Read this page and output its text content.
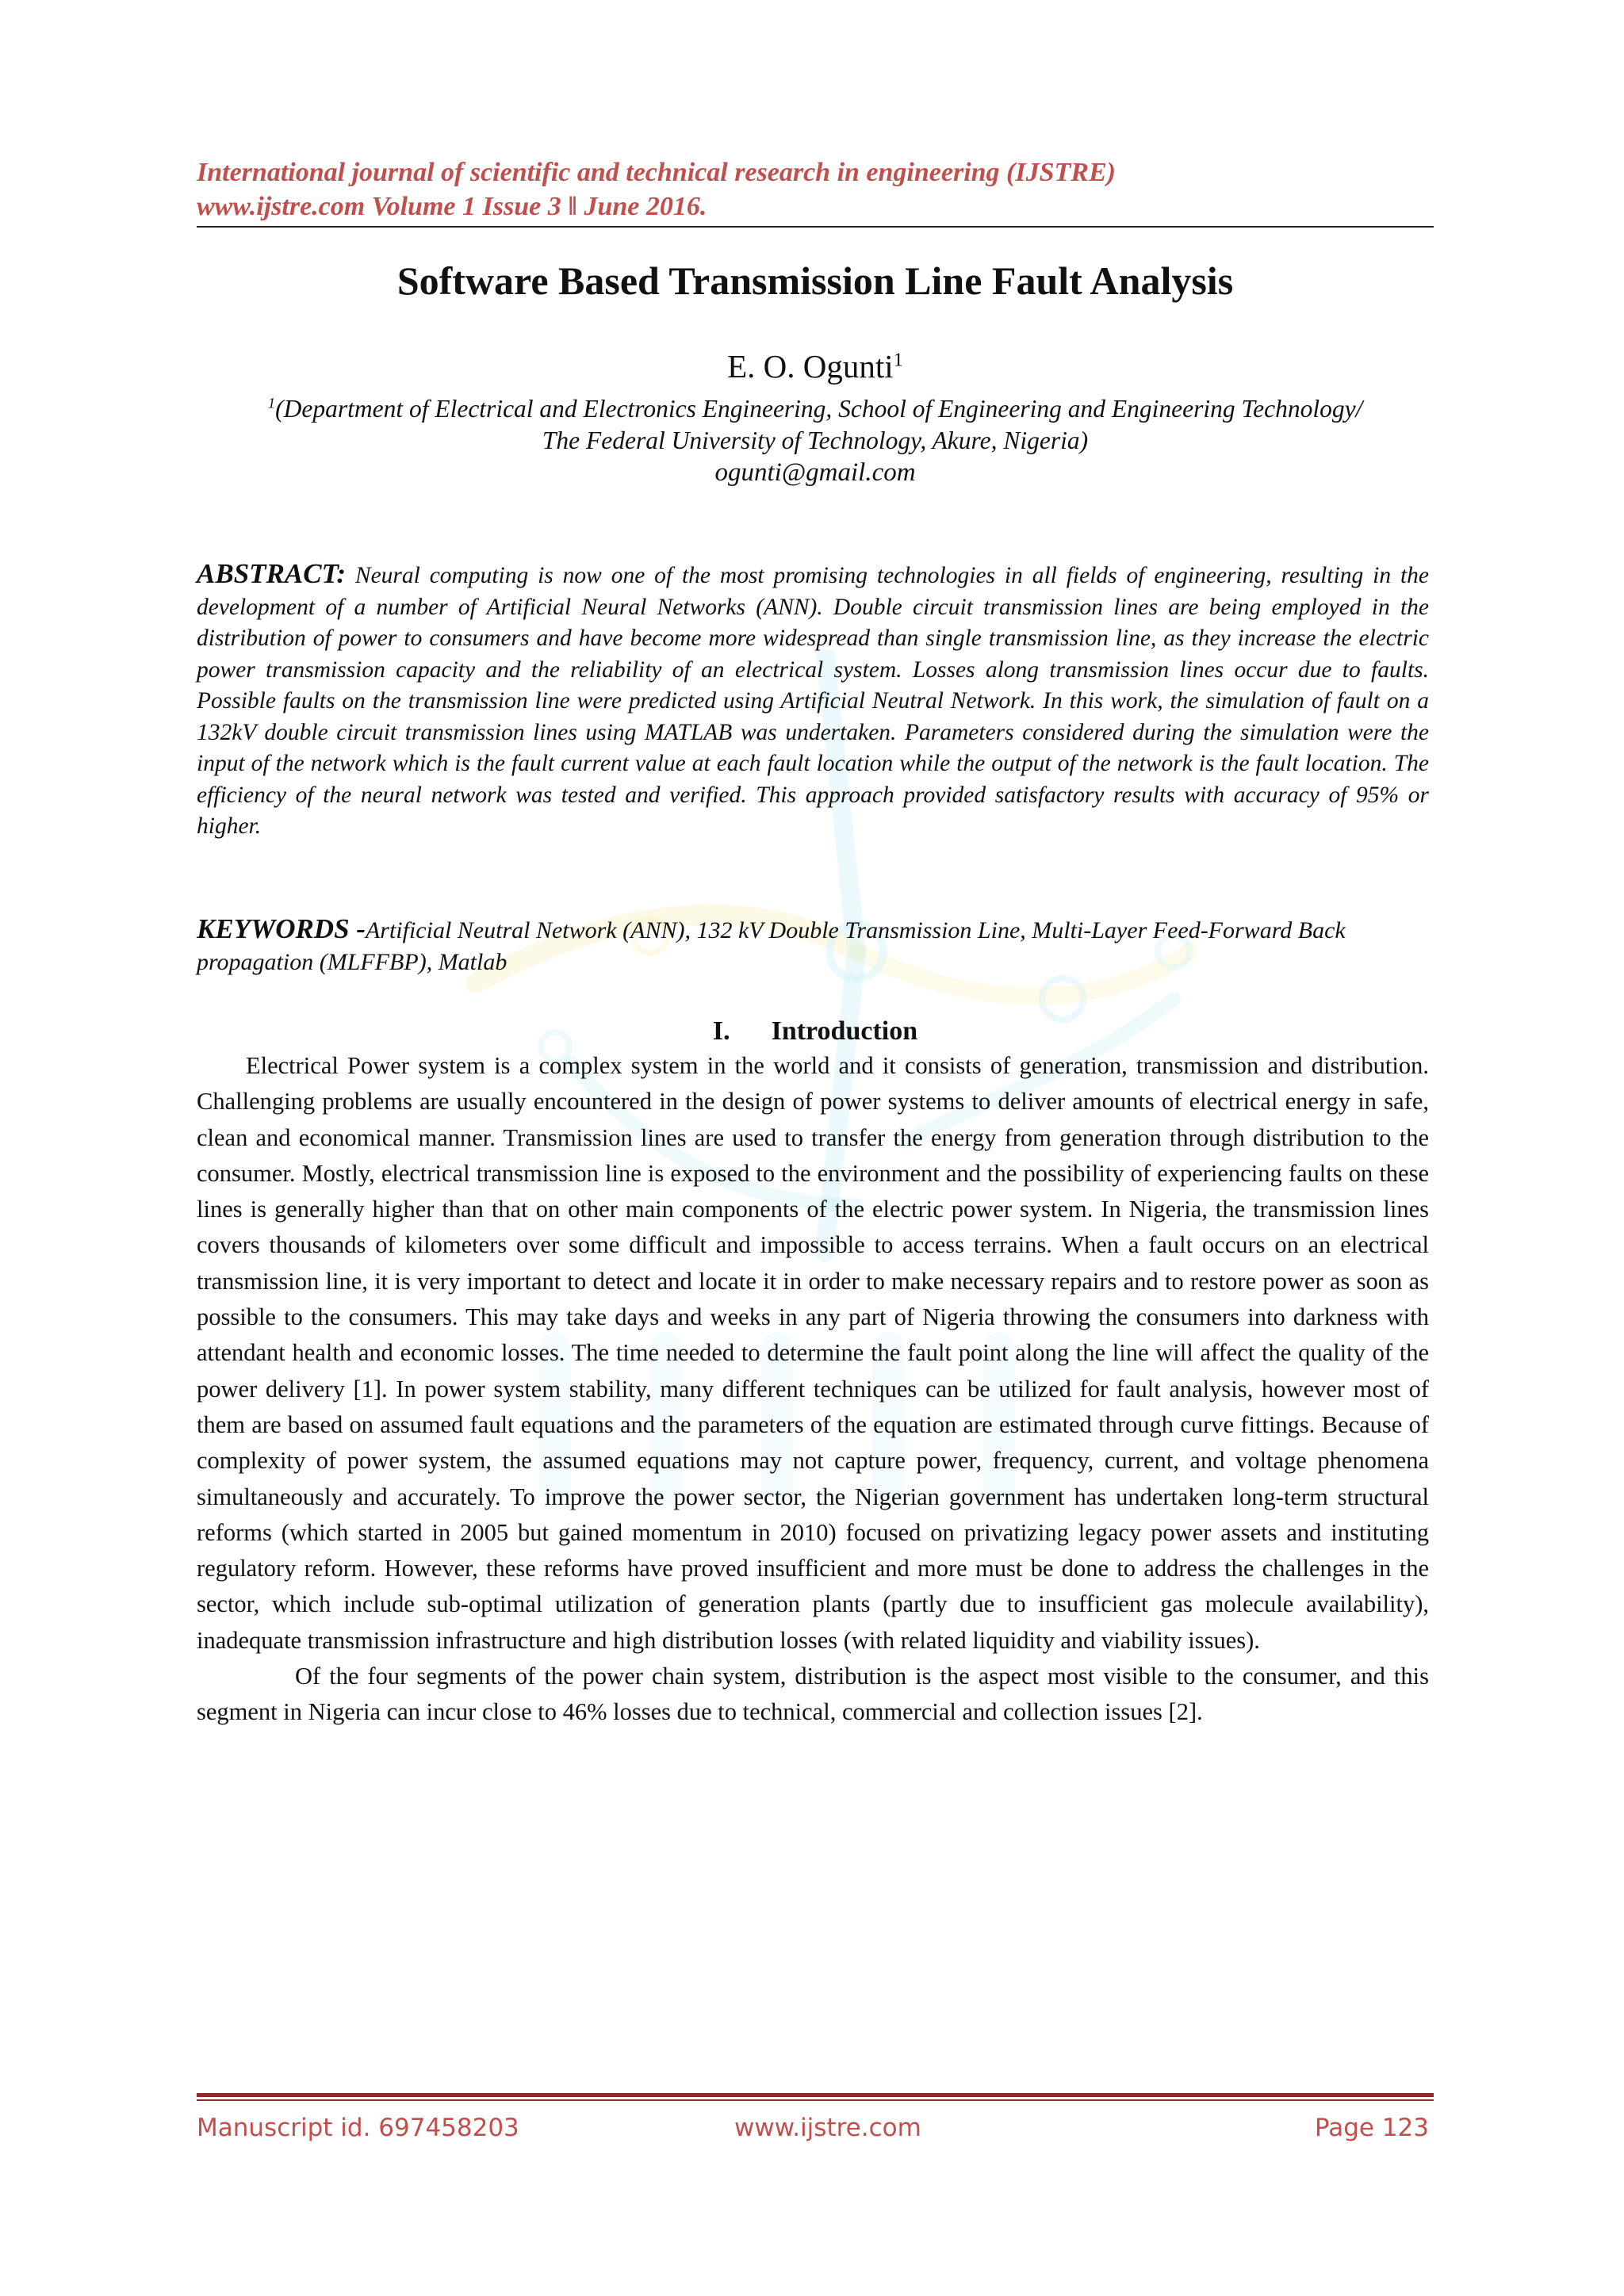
International journal of scientific and technical research in engineering (IJSTRE)
www.ijstre.com Volume 1 Issue 3 ǁ June 2016.
Software Based Transmission Line Fault Analysis
E. O. Ogunti$^1$
$^1$(Department of Electrical and Electronics Engineering, School of Engineering and Engineering Technology/
The Federal University of Technology, Akure, Nigeria)
ogunti@gmail.com
ABSTRACT: Neural computing is now one of the most promising technologies in all fields of engineering, resulting in the development of a number of Artificial Neural Networks (ANN). Double circuit transmission lines are being employed in the distribution of power to consumers and have become more widespread than single transmission line, as they increase the electric power transmission capacity and the reliability of an electrical system. Losses along transmission lines occur due to faults. Possible faults on the transmission line were predicted using Artificial Neutral Network. In this work, the simulation of fault on a 132kV double circuit transmission lines using MATLAB was undertaken. Parameters considered during the simulation were the input of the network which is the fault current value at each fault location while the output of the network is the fault location. The efficiency of the neural network was tested and verified. This approach provided satisfactory results with accuracy of 95% or higher.
KEYWORDS -Artificial Neutral Network (ANN), 132 kV Double Transmission Line, Multi-Layer Feed-Forward Back propagation (MLFFBP), Matlab
I. Introduction

Electrical Power system is a complex system in the world and it consists of generation, transmission and distribution. Challenging problems are usually encountered in the design of power systems to deliver amounts of electrical energy in safe, clean and economical manner. Transmission lines are used to transfer the energy from generation through distribution to the consumer. Mostly, electrical transmission line is exposed to the environment and the possibility of experiencing faults on these lines is generally higher than that on other main components of the electric power system. In Nigeria, the transmission lines covers thousands of kilometers over some difficult and impossible to access terrains. When a fault occurs on an electrical transmission line, it is very important to detect and locate it in order to make necessary repairs and to restore power as soon as possible to the consumers. This may take days and weeks in any part of Nigeria throwing the consumers into darkness with attendant health and economic losses. The time needed to determine the fault point along the line will affect the quality of the power delivery [1]. In power system stability, many different techniques can be utilized for fault analysis, however most of them are based on assumed fault equations and the parameters of the equation are estimated through curve fittings. Because of complexity of power system, the assumed equations may not capture power, frequency, current, and voltage phenomena simultaneously and accurately. To improve the power sector, the Nigerian government has undertaken long-term structural reforms (which started in 2005 but gained momentum in 2010) focused on privatizing legacy power assets and instituting regulatory reform. However, these reforms have proved insufficient and more must be done to address the challenges in the sector, which include sub-optimal utilization of generation plants (partly due to insufficient gas molecule availability), inadequate transmission infrastructure and high distribution losses (with related liquidity and viability issues).

Of the four segments of the power chain system, distribution is the aspect most visible to the consumer, and this segment in Nigeria can incur close to 46% losses due to technical, commercial and collection issues [2].

Manuscript id. 697458203	www.ijstre.com	Page 123
